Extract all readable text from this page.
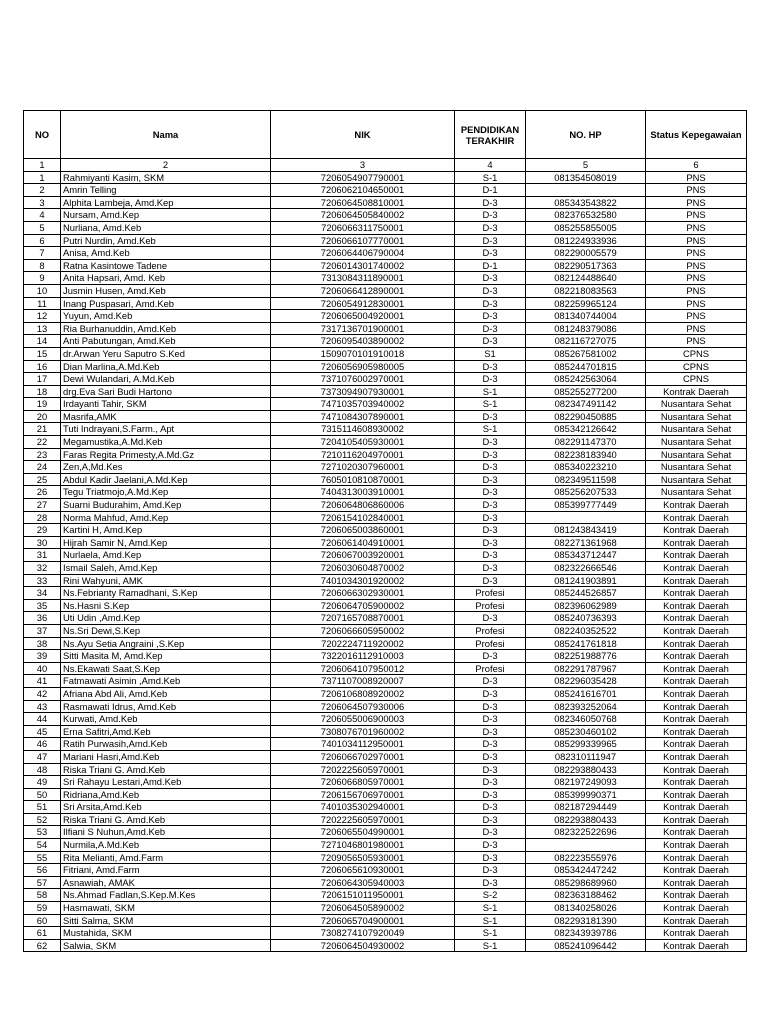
NO	Nama	NIK	PENDIDIKAN TERAKHIR	NO. HP	Status Kepegawaian
1	2	3	4	5	6
1	Rahmiyanti Kasim, SKM	7206054907790001	S-1	081354508019	PNS
2	Amrin Telling	7206062104650001	D-1		PNS
3	Alphita Lambeja, Amd.Kep	7206064508810001	D-3	085343543822	PNS
4	Nursam, Amd.Kep	7206064505840002	D-3	082376532580	PNS
5	Nurliana, Amd.Keb	7206066311750001	D-3	085255855005	PNS
6	Putri Nurdin, Amd.Keb	7206066107770001	D-3	081224933936	PNS
7	Anisa, Amd.Keb	7206064406790004	D-3	082290005579	PNS
8	Ratna Kasintowe Tadene	7206014301740002	D-1	082290517363	PNS
9	Anita Hapsari, Amd. Keb	7313084311890001	D-3	082124488640	PNS
10	Jusmin Husen, Amd.Keb	7206066412890001	D-3	082218083563	PNS
11	Inang Puspasari, Amd.Keb	7206054912830001	D-3	082259965124	PNS
12	Yuyun, Amd.Keb	7206065004920001	D-3	081340744004	PNS
13	Ria Burhanuddin, Amd.Keb	7317136701900001	D-3	081248379086	PNS
14	Anti Pabutungan, Amd.Keb	7206095403890002	D-3	082116727075	PNS
15	dr.Arwan Yeru Saputro S.Ked	1509070101910018	S1	085267581002	CPNS
16	Dian Marlina,A.Md.Keb	7206056905980005	D-3	085244701815	CPNS
17	Dewi Wulandari, A.Md.Keb	7371076002970001	D-3	085242563064	CPNS
18	drg.Eva Sari Budi Hartono	7373094907930001	S-1	085255277200	Kontrak Daerah
19	Irdayanti Tahir, SKM	7471035703940002	S-1	082347491142	Nusantara Sehat
20	Masrifa,AMK	7471084307890001	D-3	082290450885	Nusantara Sehat
21	Tuti Indrayani,S.Farm., Apt	7315114608930002	S-1	085342126642	Nusantara Sehat
22	Megamustika,A.Md.Keb	7204105405930001	D-3	082291147370	Nusantara Sehat
23	Faras Regita Primesty,A.Md.Gz	7210116204970001	D-3	082238183940	Nusantara Sehat
24	Zen,A,Md.Kes	7271020307960001	D-3	085340223210	Nusantara Sehat
25	Abdul Kadir Jaelani,A.Md.Kep	7605010810870001	D-3	082349511598	Nusantara Sehat
26	Tegu Triatmojo,A.Md.Kep	7404313003910001	D-3	085256207533	Nusantara Sehat
27	Suarni Budurahim, Amd.Kep	7206064806860006	D-3	085399777449	Kontrak Daerah
28	Norma Mahfud, Amd.Kep	7206154102840001	D-3		Kontrak Daerah
29	Kartini H, Amd.Kep	7206065003860001	D-3	081243843419	Kontrak Daerah
30	Hijrah Samir N, Amd.Kep	7206061404910001	D-3	082271361968	Kontrak Daerah
31	Nurlaela, Amd.Kep	7206067003920001	D-3	085343712447	Kontrak Daerah
32	Ismail Saleh, Amd.Kep	7206030604870002	D-3	082322666546	Kontrak Daerah
33	Rini Wahyuni, AMK	7401034301920002	D-3	081241903891	Kontrak Daerah
34	Ns.Febrianty Ramadhani, S.Kep	7206066302930001	Profesi	085244526857	Kontrak Daerah
35	Ns.Hasni S.Kep	7206064705900002	Profesi	082396062989	Kontrak Daerah
36	Uti Udin ,Amd.Kep	7207165708870001	D-3	085240736393	Kontrak Daerah
37	Ns.Sri Dewi,S.Kep	7206066605950002	Profesi	082240352522	Kontrak Daerah
38	Ns.Ayu Setia Angraini ,S.Kep	7202224711920002	Profesi	085241761818	Kontrak Daerah
39	Sitti Masita M, Amd.Kep	7322016112910003	D-3	082251988776	Kontrak Daerah
40	Ns.Ekawati Saat,S.Kep	7206064107950012	Profesi	082291787967	Kontrak Daerah
41	Fatmawati Asimin ,Amd.Keb	7371107008920007	D-3	082296035428	Kontrak Daerah
42	Afriana Abd Ali, Amd.Keb	7206106808920002	D-3	085241616701	Kontrak Daerah
43	Rasmawati Idrus, Amd.Keb	7206064507930006	D-3	082393252064	Kontrak Daerah
44	Kurwati, Amd.Keb	7206055006900003	D-3	082346050768	Kontrak Daerah
45	Erna Safitri,Amd.Keb	7308076701960002	D-3	085230460102	Kontrak Daerah
46	Ratih Purwasih,Amd.Keb	7401034112950001	D-3	085299339965	Kontrak Daerah
47	Mariani Hasri,Amd.Keb	7206066702970001	D-3	082310111947	Kontrak Daerah
48	Riska Triani G. Amd.Keb	7202225605970001	D-3	082293880433	Kontrak Daerah
49	Sri Rahayu Lestari,Amd.Keb	7206066805970001	D-3	082197249093	Kontrak Daerah
50	Ridriana,Amd.Keb	7206156706970001	D-3	085399990371	Kontrak Daerah
51	Sri Arsita,Amd.Keb	7401035302940001	D-3	082187294449	Kontrak Daerah
52	Riska Triani G. Amd.Keb	7202225605970001	D-3	082293880433	Kontrak Daerah
53	Ilfiani S Nuhun,Amd.Keb	7206065504990001	D-3	082322522696	Kontrak Daerah
54	Nurmila,A.Md.Keb	7271046801980001	D-3		Kontrak Daerah
55	Rita Melianti, Amd.Farm	7209056505930001	D-3	082223555976	Kontrak Daerah
56	Fitriani, Amd.Farm	7206065610930001	D-3	085342447242	Kontrak Daerah
57	Asnawiah, AMAK	7206064305940003	D-3	085298689960	Kontrak Daerah
58	Ns.Ahmad Fadlan,S.Kep.M.Kes	7206151011950001	S-2	082363188462	Kontrak Daerah
59	Hasmawati, SKM	7206064505890002	S-1	081340258026	Kontrak Daerah
60	Sitti Salma, SKM	7206065704900001	S-1	082293181390	Kontrak Daerah
61	Mustahida, SKM	7308274107920049	S-1	082343939786	Kontrak Daerah
62	Salwia, SKM	7206064504930002	S-1	085241096442	Kontrak Daerah
